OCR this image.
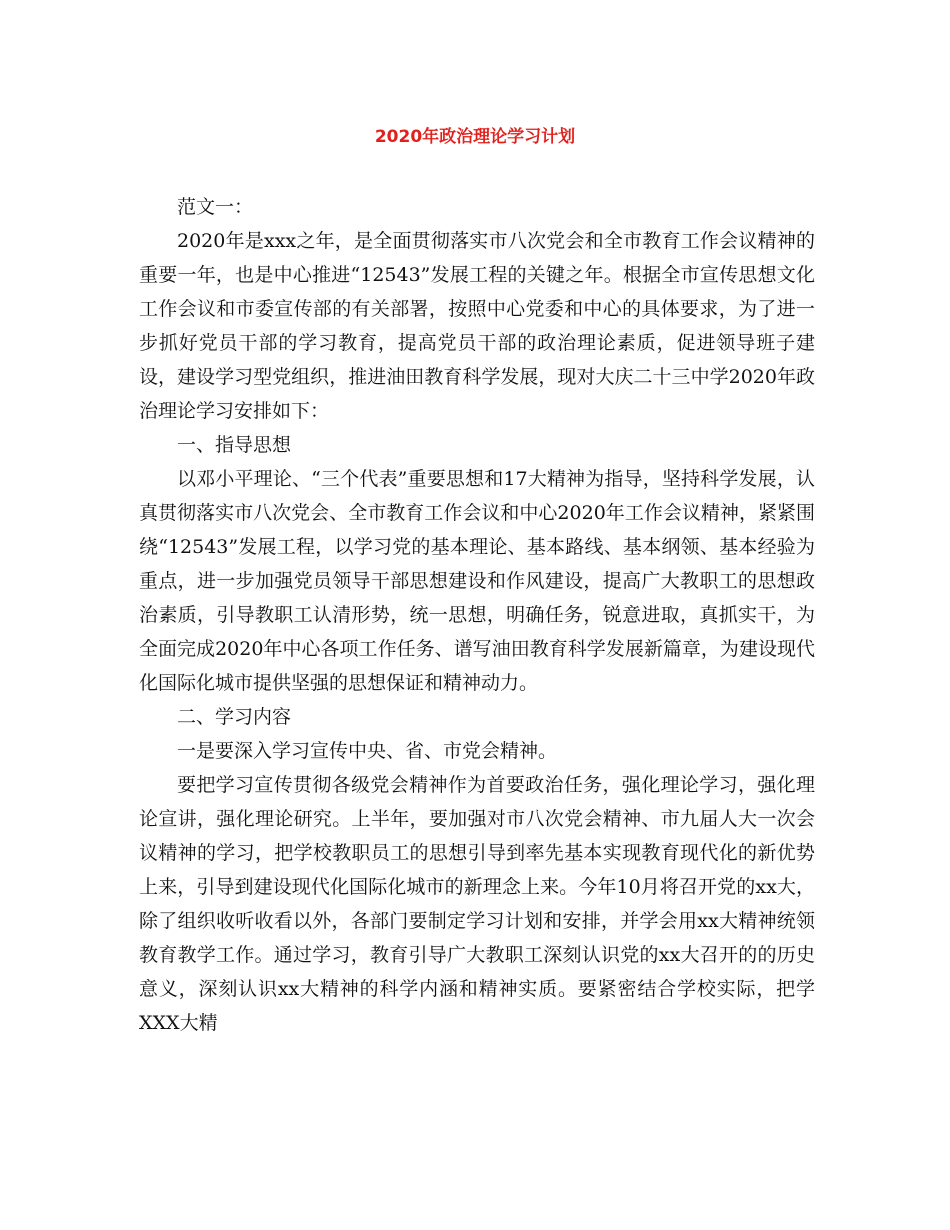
2020年政治理论学习计划

范文一：

2020年是xxx之年，是全面贯彻落实市八次党会和全市教育工作会议精神的重要一年，也是中心推进“12543”发展工程的关键之年。根据全市宣传思想文化工作会议和市委宣传部的有关部署，按照中心党委和中心的具体要求，为了进一步抓好党员干部的学习教育，提高党员干部的政治理论素质，促进领导班子建设，建设学习型党组织，推进油田教育科学发展，现对大庆二十三中学2020年政治理论学习安排如下：

一、指导思想

以邓小平理论、“三个代表”重要思想和17大精神为指导，坚持科学发展，认真贯彻落实市八次党会、全市教育工作会议和中心2020年工作会议精神，紧紧围绕“12543”发展工程，以学习党的基本理论、基本路线、基本纲领、基本经验为重点，进一步加强党员领导干部思想建设和作风建设，提高广大教职工的思想政治素质，引导教职工认清形势，统一思想，明确任务，锐意进取，真抓实干，为全面完成2020年中心各项工作任务、谱写油田教育科学发展新篇章，为建设现代化国际化城市提供坚强的思想保证和精神动力。

二、学习内容

一是要深入学习宣传中央、省、市党会精神。

要把学习宣传贯彻各级党会精神作为首要政治任务，强化理论学习，强化理论宣讲，强化理论研究。上半年，要加强对市八次党会精神、市九届人大一次会议精神的学习，把学校教职员工的思想引导到率先基本实现教育现代化的新优势上来，引导到建设现代化国际化城市的新理念上来。今年10月将召开党的xx大，除了组织收听收看以外，各部门要制定学习计划和安排，并学会用xx大精神统领教育教学工作。通过学习，教育引导广大教职工深刻认识党的xx大召开的的历史意义，深刻认识xx大精神的科学内涵和精神实质。要紧密结合学校实际，把学XXX大精
